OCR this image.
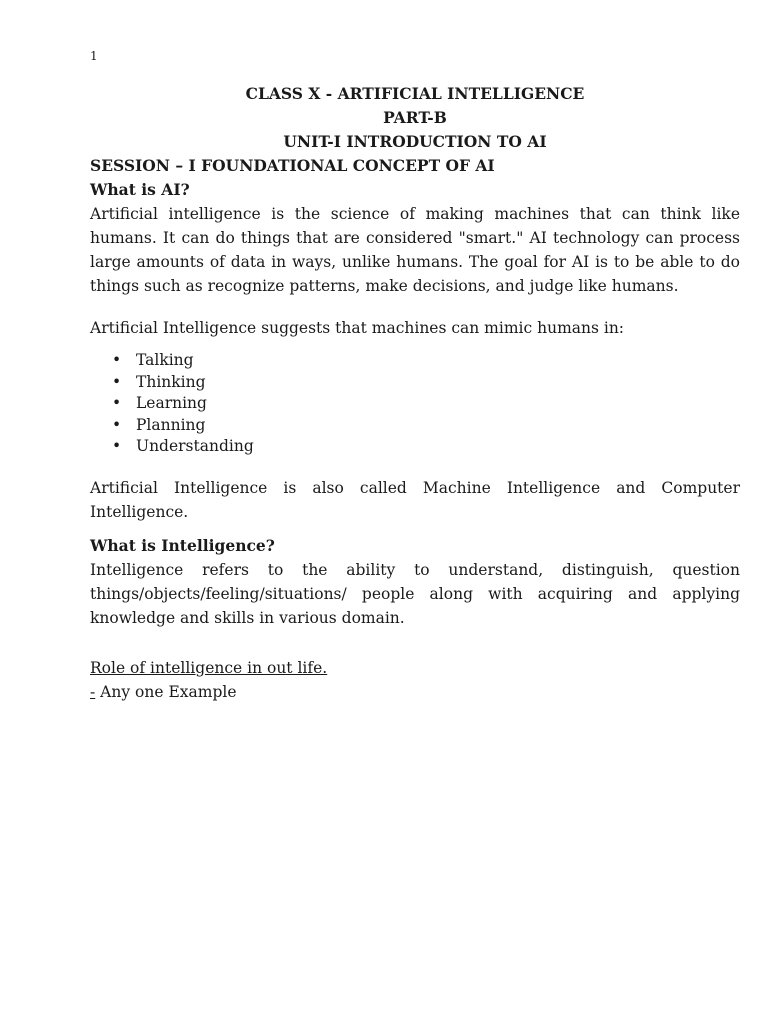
1

CLASS X - ARTIFICIAL INTELLIGENCE

PART-B

UNIT-I INTRODUCTION TO AI

SESSION – I FOUNDATIONAL CONCEPT OF AI

What is AI?

Artificial intelligence is the science of making machines that can think like humans. It can do things that are considered "smart." AI technology can process large amounts of data in ways, unlike humans. The goal for AI is to be able to do things such as recognize patterns, make decisions, and judge like humans.

Artificial Intelligence suggests that machines can mimic humans in:

• Talking
• Thinking
• Learning
• Planning
• Understanding

Artificial Intelligence is also called Machine Intelligence and Computer Intelligence.

What is Intelligence?

Intelligence refers to the ability to understand, distinguish, question things/objects/feeling/situations/ people along with acquiring and applying knowledge and skills in various domain.

Role of intelligence in out life.

- Any one Example
